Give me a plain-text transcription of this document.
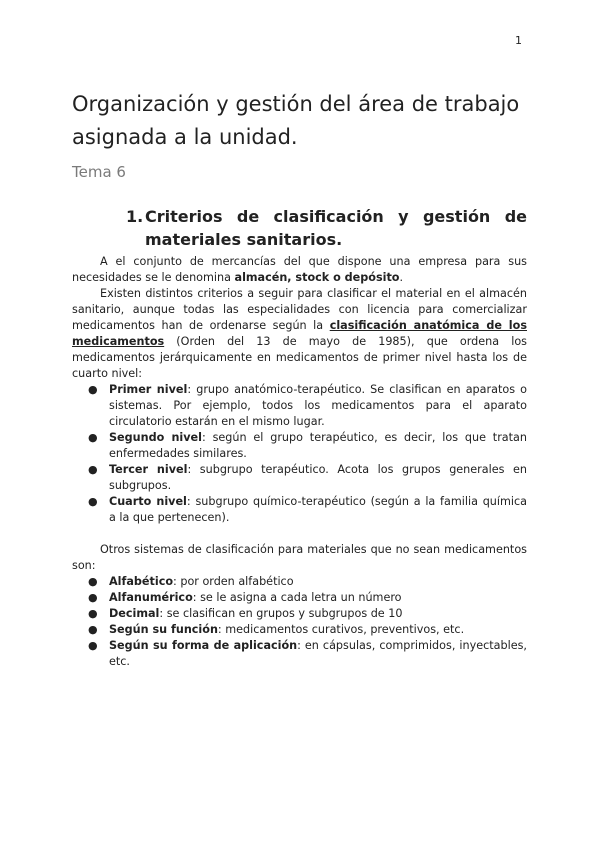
1
Organización y gestión del área de trabajo asignada a la unidad.
Tema 6
1. Criterios de clasificación y gestión de materiales sanitarios.

A el conjunto de mercancías del que dispone una empresa para sus necesidades se le denomina almacén, stock o depósito.

Existen distintos criterios a seguir para clasificar el material en el almacén sanitario, aunque todas las especialidades con licencia para comercializar medicamentos han de ordenarse según la clasificación anatómica de los medicamentos (Orden del 13 de mayo de 1985), que ordena los medicamentos jerárquicamente en medicamentos de primer nivel hasta los de cuarto nivel:

● Primer nivel: grupo anatómico-terapéutico. Se clasifican en aparatos o sistemas. Por ejemplo, todos los medicamentos para el aparato circulatorio estarán en el mismo lugar.
● Segundo nivel: según el grupo terapéutico, es decir, los que tratan enfermedades similares.
● Tercer nivel: subgrupo terapéutico. Acota los grupos generales en subgrupos.
● Cuarto nivel: subgrupo químico-terapéutico (según a la familia química a la que pertenecen).

Otros sistemas de clasificación para materiales que no sean medicamentos son:

● Alfabético: por orden alfabético
● Alfanumérico: se le asigna a cada letra un número
● Decimal: se clasifican en grupos y subgrupos de 10
● Según su función: medicamentos curativos, preventivos, etc.
● Según su forma de aplicación: en cápsulas, comprimidos, inyectables, etc.
